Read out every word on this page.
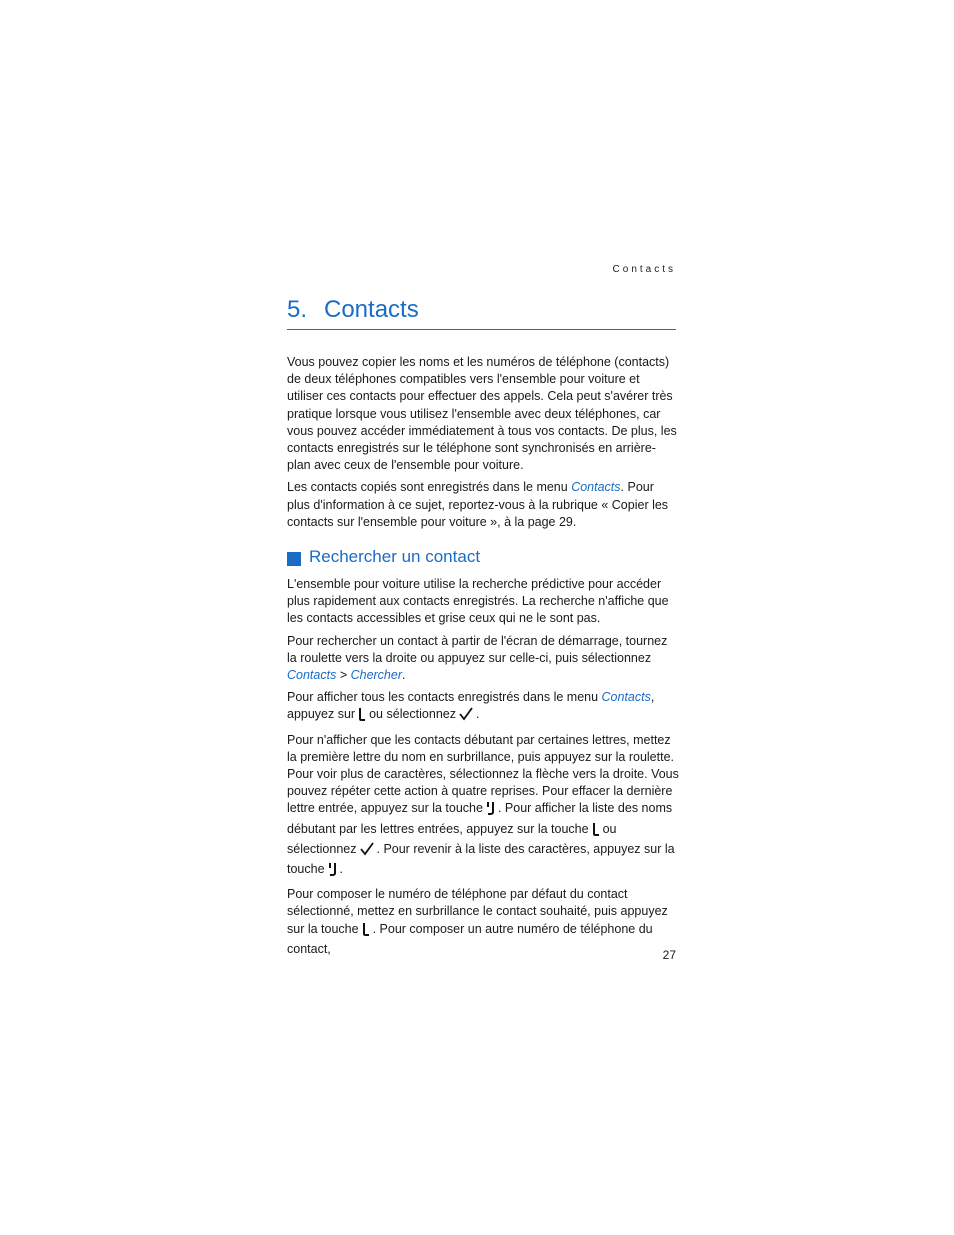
Contacts
5. Contacts

Vous pouvez copier les noms et les numéros de téléphone (contacts) de deux téléphones compatibles vers l'ensemble pour voiture et utiliser ces contacts pour effectuer des appels. Cela peut s'avérer très pratique lorsque vous utilisez l'ensemble avec deux téléphones, car vous pouvez accéder immédiatement à tous vos contacts. De plus, les contacts enregistrés sur le téléphone sont synchronisés en arrière-plan avec ceux de l'ensemble pour voiture.

Les contacts copiés sont enregistrés dans le menu Contacts. Pour plus d'information à ce sujet, reportez-vous à la rubrique « Copier les contacts sur l'ensemble pour voiture », à la page 29.

Rechercher un contact

L'ensemble pour voiture utilise la recherche prédictive pour accéder plus rapidement aux contacts enregistrés. La recherche n'affiche que les contacts accessibles et grise ceux qui ne le sont pas.

Pour rechercher un contact à partir de l'écran de démarrage, tournez la roulette vers la droite ou appuyez sur celle-ci, puis sélectionnez Contacts > Chercher.

Pour afficher tous les contacts enregistrés dans le menu Contacts, appuyez sur ou sélectionnez .

Pour n'afficher que les contacts débutant par certaines lettres, mettez la première lettre du nom en surbrillance, puis appuyez sur la roulette. Pour voir plus de caractères, sélectionnez la flèche vers la droite. Vous pouvez répéter cette action à quatre reprises. Pour effacer la dernière lettre entrée, appuyez sur la touche . Pour afficher la liste des noms débutant par les lettres entrées, appuyez sur la touche ou sélectionnez . Pour revenir à la liste des caractères, appuyez sur la touche .

Pour composer le numéro de téléphone par défaut du contact sélectionné, mettez en surbrillance le contact souhaité, puis appuyez sur la touche . Pour composer un autre numéro de téléphone du contact,	27
